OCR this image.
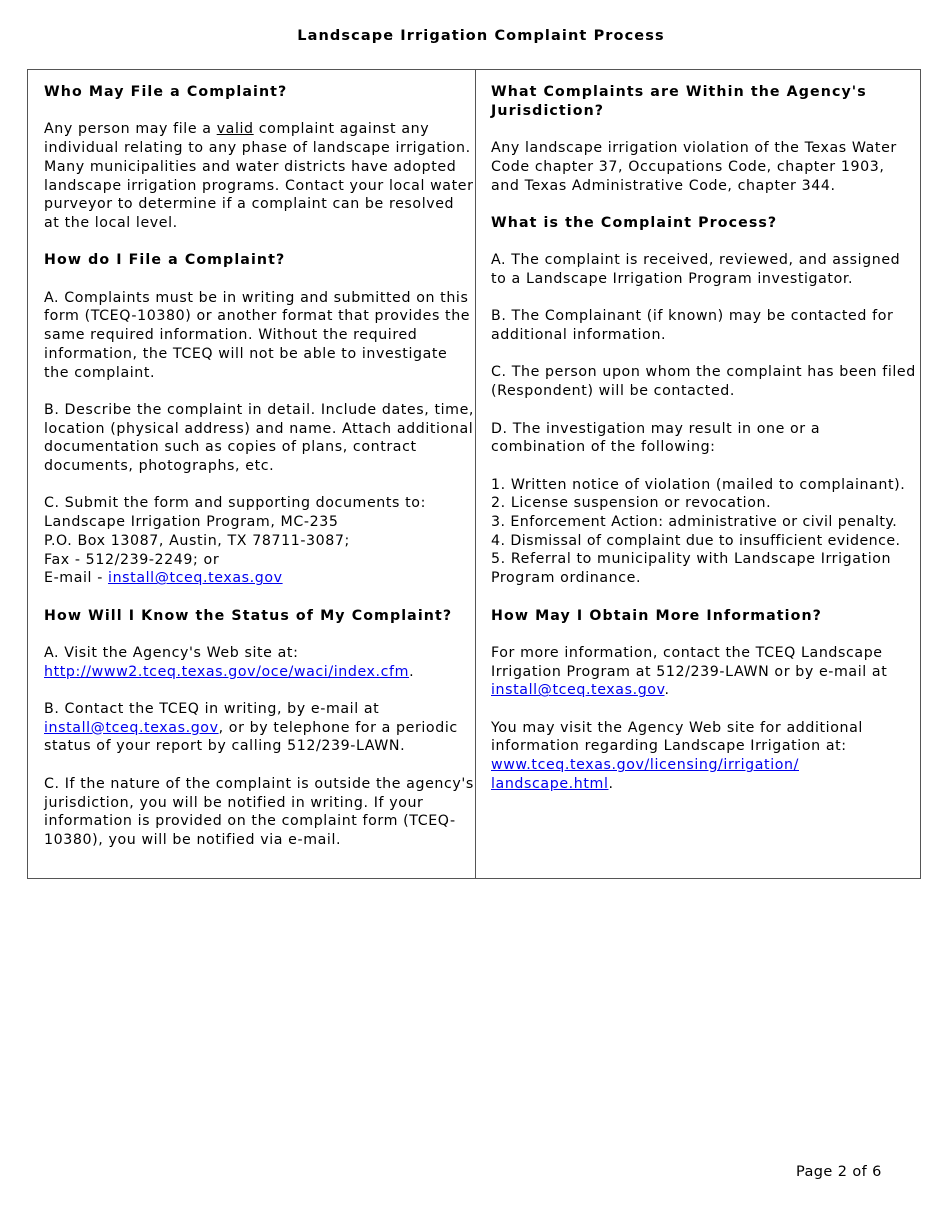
Landscape Irrigation Complaint Process
Who May File a Complaint?

Any person may file a valid complaint against any individual relating to any phase of landscape irrigation. Many municipalities and water districts have adopted landscape irrigation programs. Contact your local water purveyor to determine if a complaint can be resolved at the local level.

How do I File a Complaint?

A. Complaints must be in writing and submitted on this form (TCEQ-10380) or another format that provides the same required information. Without the required information, the TCEQ will not be able to investigate the complaint.

B. Describe the complaint in detail. Include dates, time, location (physical address) and name. Attach additional documentation such as copies of plans, contract documents, photographs, etc.

C. Submit the form and supporting documents to:
Landscape Irrigation Program, MC-235
P.O. Box 13087, Austin, TX 78711-3087;
Fax - 512/239-2249; or
E-mail - install@tceq.texas.gov

How Will I Know the Status of My Complaint?

A. Visit the Agency's Web site at:
http://www2.tceq.texas.gov/oce/waci/index.cfm.

B. Contact the TCEQ in writing, by e-mail at
install@tceq.texas.gov, or by telephone for a periodic status of your report by calling 512/239-LAWN.

C. If the nature of the complaint is outside the agency's jurisdiction, you will be notified in writing. If your information is provided on the complaint form (TCEQ-10380), you will be notified via e-mail.

What Complaints are Within the Agency's Jurisdiction?

Any landscape irrigation violation of the Texas Water Code chapter 37, Occupations Code, chapter 1903, and Texas Administrative Code, chapter 344.

What is the Complaint Process?

A. The complaint is received, reviewed, and assigned to a Landscape Irrigation Program investigator.

B. The Complainant (if known) may be contacted for additional information.

C. The person upon whom the complaint has been filed (Respondent) will be contacted.

D. The investigation may result in one or a combination of the following:

1. Written notice of violation (mailed to complainant).

2. License suspension or revocation.

3. Enforcement Action: administrative or civil penalty.

4. Dismissal of complaint due to insufficient evidence.

5. Referral to municipality with Landscape Irrigation Program ordinance.

How May I Obtain More Information?

For more information, contact the TCEQ Landscape Irrigation Program at 512/239-LAWN or by e-mail at install@tceq.texas.gov.

You may visit the Agency Web site for additional information regarding Landscape Irrigation at:
www.tceq.texas.gov/licensing/irrigation/
landscape.html.

Page 2 of 6
